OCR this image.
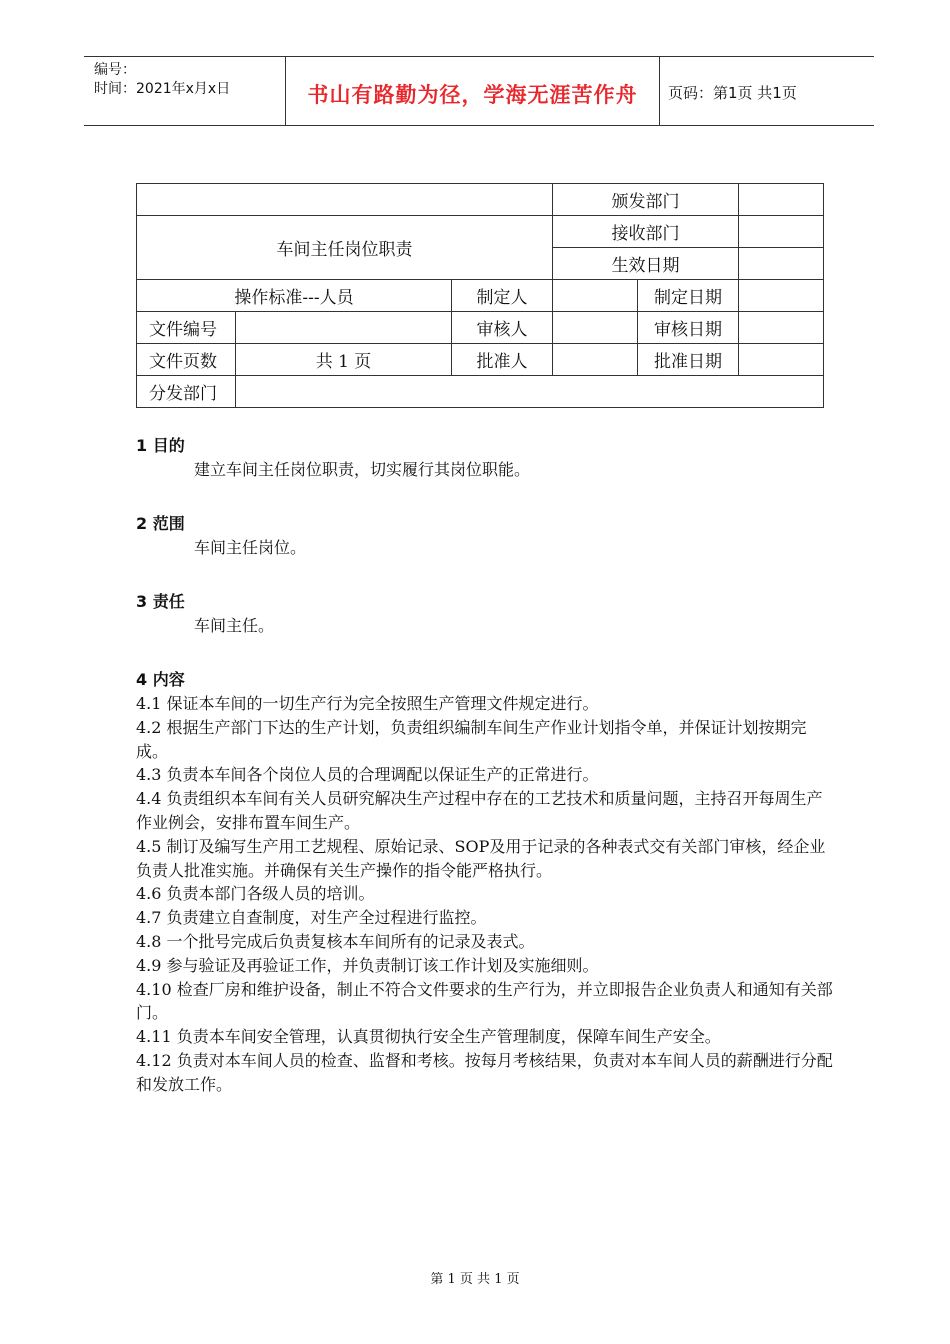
编号：
时间：2021年x月x日	书山有路勤为径，学海无涯苦作舟	页码：第1页 共1页
			颁发部门		
车间主任岗位职责			接收部门		
			生效日期		
操作标准---人员		制定人		制定日期	
文件编号		审核人		审核日期	
文件页数	共 1 页	批准人		批准日期	
分发部门					
1 目的
建立车间主任岗位职责，切实履行其岗位职能。
2 范围
车间主任岗位。
3 责任
车间主任。
4 内容
4.1 保证本车间的一切生产行为完全按照生产管理文件规定进行。
4.2 根据生产部门下达的生产计划，负责组织编制车间生产作业计划指令单，并保证计划按期完成。
4.3 负责本车间各个岗位人员的合理调配以保证生产的正常进行。
4.4 负责组织本车间有关人员研究解决生产过程中存在的工艺技术和质量问题，主持召开每周生产作业例会，安排布置车间生产。
4.5 制订及编写生产用工艺规程、原始记录、SOP及用于记录的各种表式交有关部门审核，经企业负责人批准实施。并确保有关生产操作的指令能严格执行。
4.6 负责本部门各级人员的培训。
4.7 负责建立自查制度，对生产全过程进行监控。
4.8 一个批号完成后负责复核本车间所有的记录及表式。
4.9 参与验证及再验证工作，并负责制订该工作计划及实施细则。
4.10 检查厂房和维护设备，制止不符合文件要求的生产行为，并立即报告企业负责人和通知有关部门。
4.11 负责本车间安全管理，认真贯彻执行安全生产管理制度，保障车间生产安全。
4.12 负责对本车间人员的检查、监督和考核。按每月考核结果，负责对本车间人员的薪酬进行分配和发放工作。
第 1 页 共 1 页
